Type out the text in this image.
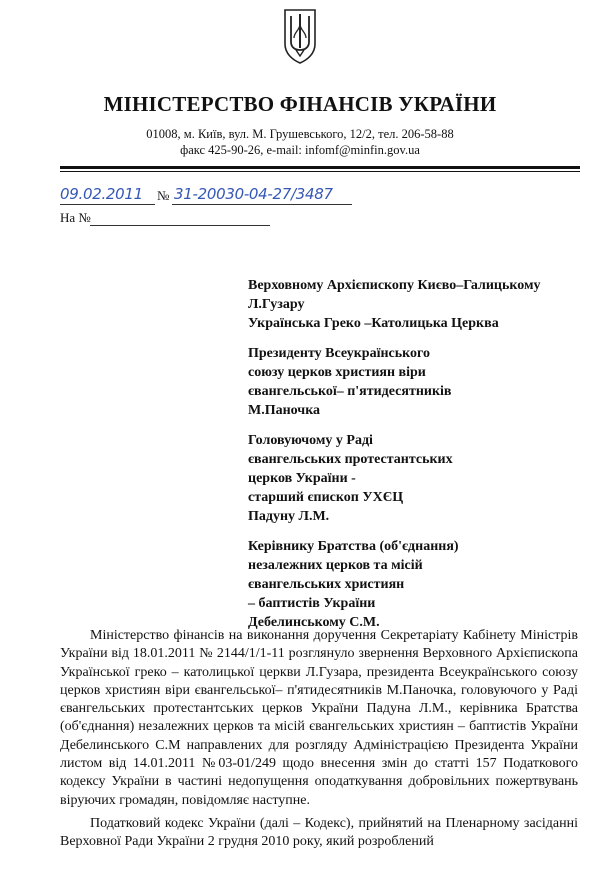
МІНІСТЕРСТВО ФІНАНСІВ УКРАЇНИ
01008, м. Київ, вул. М. Грушевського, 12/2, тел. 206-58-88
факс 425-90-26, e-mail: infomf@minfin.gov.ua
09.02.2011 № 31-20030-04-27/3487
На №
Верховному Архієпископу Києво–Галицькому
Л.Гузару
Українська Греко –Католицька Церква
Президенту Всеукраїнського
союзу церков християн віри
євангельської– п'ятидесятників
М.Паночка
Головуючому у Раді
євангельських протестантських
церков України -
старший єпископ УХЄЦ
Падуну Л.М.
Керівнику Братства (об'єднання)
незалежних церков та місій
євангельських християн
– баптистів України
Дебелинському С.М.

Міністерство фінансів на виконання доручення Секретаріату Кабінету Міністрів України від 18.01.2011 № 2144/1/1-11 розглянуло звернення Верховного Архієпископа Української греко – католицької церкви Л.Гузара, президента Всеукраїнського союзу церков християн віри євангельської– п'ятидесятників М.Паночка, головуючого у Раді євангельських протестантських церков України Падуна Л.М., керівника Братства (об'єднання) незалежних церков та місій євангельських християн – баптистів України Дебелинського С.М направлених для розгляду Адміністрацією Президента України листом від 14.01.2011 №03-01/249 щодо внесення змін до статті 157 Податкового кодексу України в частині недопущення оподаткування добровільних пожертвувань віруючих громадян, повідомляє наступне.

Податковий кодекс України (далі – Кодекс), прийнятий на Пленарному засіданні Верховної Ради України 2 грудня 2010 року, який розроблений
